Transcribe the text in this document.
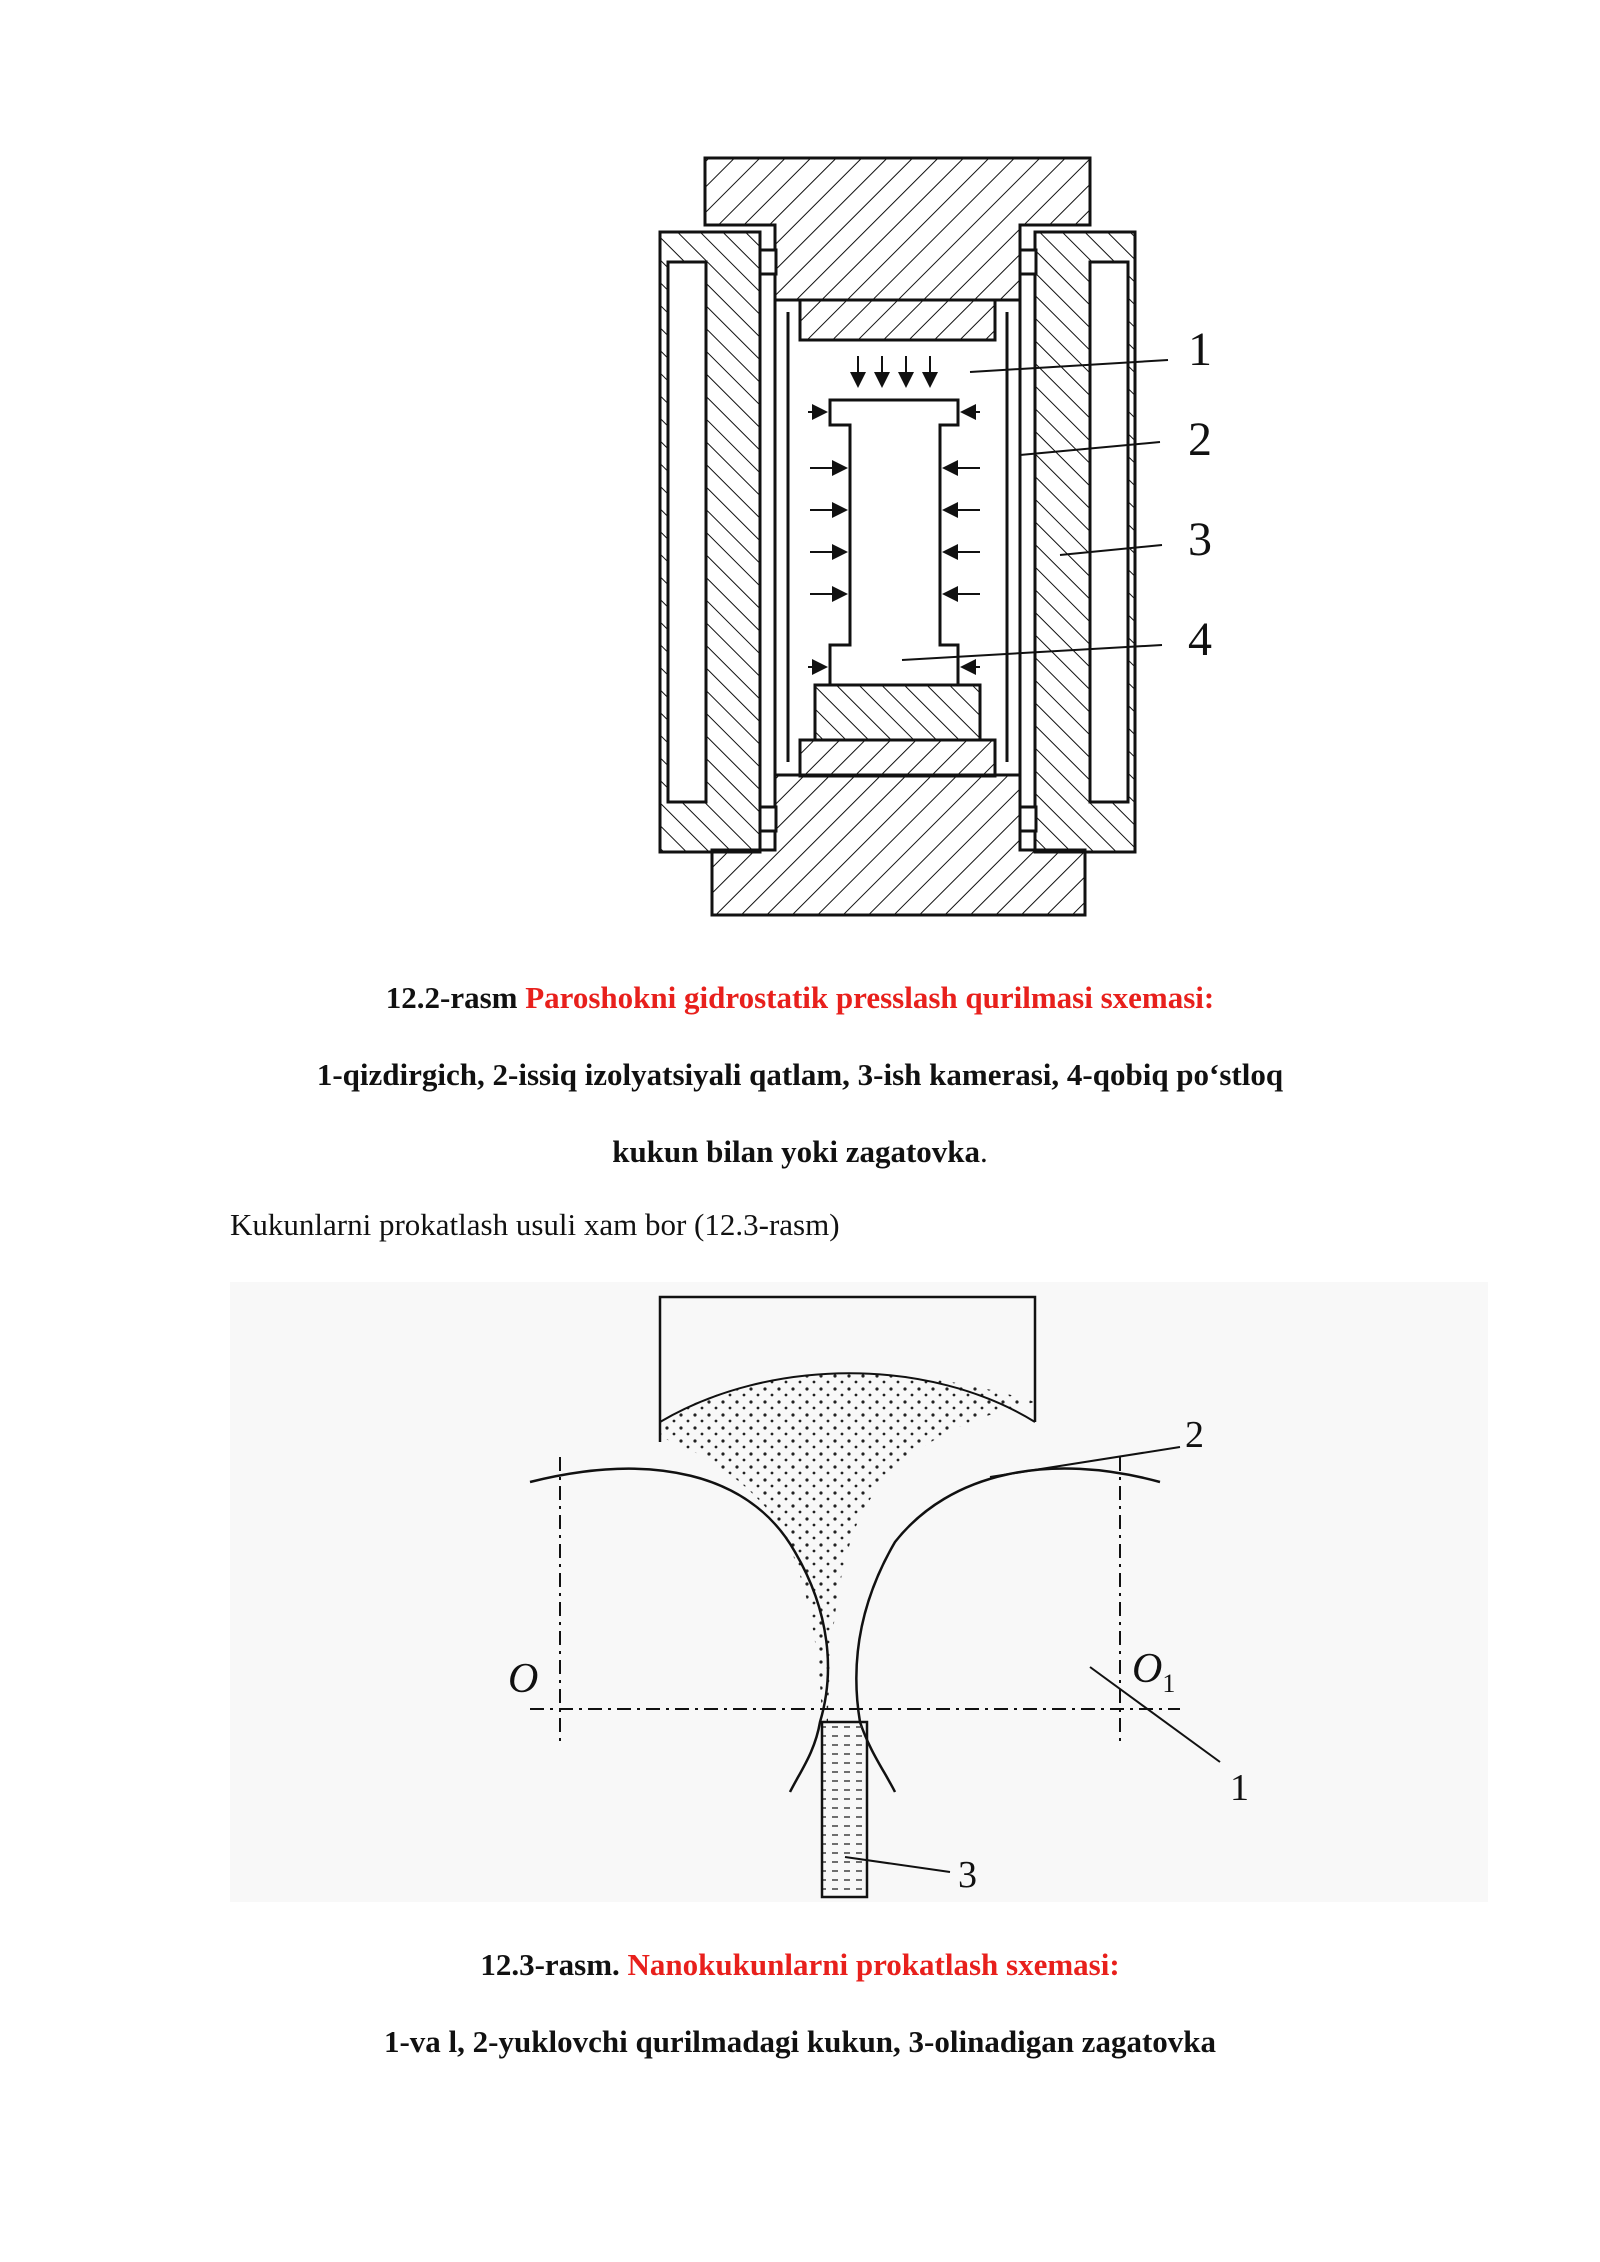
1
2
3
4
12.2-rasm Paroshokni gidrostatik presslash qurilmasi sxemasi:
1-qizdirgich, 2-issiq izolyatsiyali qatlam, 3-ish kamerasi, 4-qobiq po‘stloq
kukun bilan yoki zagatovka.
Kukunlarni prokatlash usuli xam bor (12.3-rasm)
O	$O_1$
1
2
3
12.3-rasm. Nanokukunlarni prokatlash sxemasi:
1-va l, 2-yuklovchi qurilmadagi kukun, 3-olinadigan zagatovka
